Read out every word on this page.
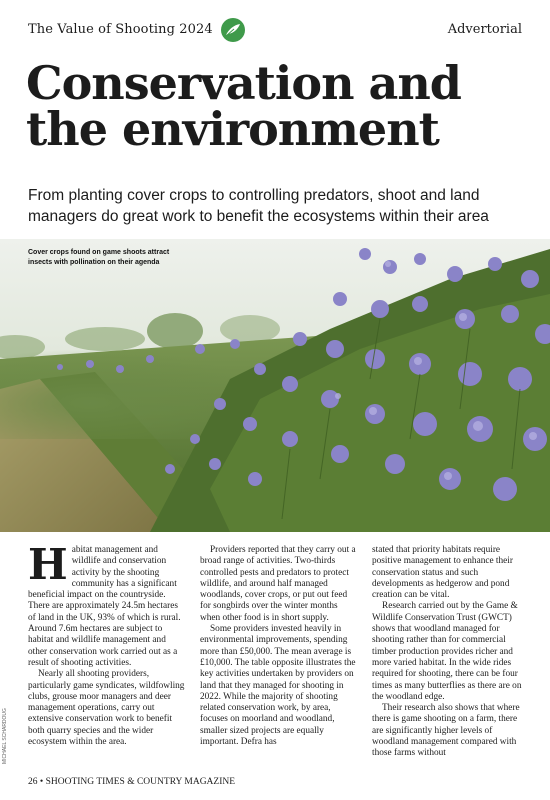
The Value of Shooting 2024	Advertorial
Conservation and the environment

From planting cover crops to controlling predators, shoot and land managers do great work to benefit the ecosystems within their area

Cover crops found on game shoots attract insects with pollination on their agenda
MICHAEL SCHARDOUG
H abitat management and wildlife and conservation activity by the shooting community has a significant beneficial impact on the countryside. There are approximately 24.5m hectares of land in the UK, 93% of which is rural. Around 7.6m hectares are subject to habitat and wildlife management and other conservation work carried out as a result of shooting activities.

Nearly all shooting providers, particularly game syndicates, wildfowling clubs, grouse moor managers and deer management operations, carry out extensive conservation work to benefit both quarry species and the wider ecosystem within the area.

Providers reported that they carry out a broad range of activities. Two-thirds controlled pests and predators to protect wildlife, and around half managed woodlands, cover crops, or put out feed for songbirds over the winter months when other food is in short supply.

Some providers invested heavily in environmental improvements, spending more than £50,000. The mean average is £10,000. The table opposite illustrates the key activities undertaken by providers on land that they managed for shooting in 2022. While the majority of shooting related conservation work, by area, focuses on moorland and woodland, smaller sized projects are equally important. Defra has

stated that priority habitats require positive management to enhance their conservation status and such developments as hedgerow and pond creation can be vital.

Research carried out by the Game & Wildlife Conservation Trust (GWCT) shows that woodland managed for shooting rather than for commercial timber production provides richer and more varied habitat. In the wide rides required for shooting, there can be four times as many butterflies as there are on the woodland edge.

Their research also shows that where there is game shooting on a farm, there are significantly higher levels of woodland management compared with those farms without

26 • SHOOTING TIMES & COUNTRY MAGAZINE
